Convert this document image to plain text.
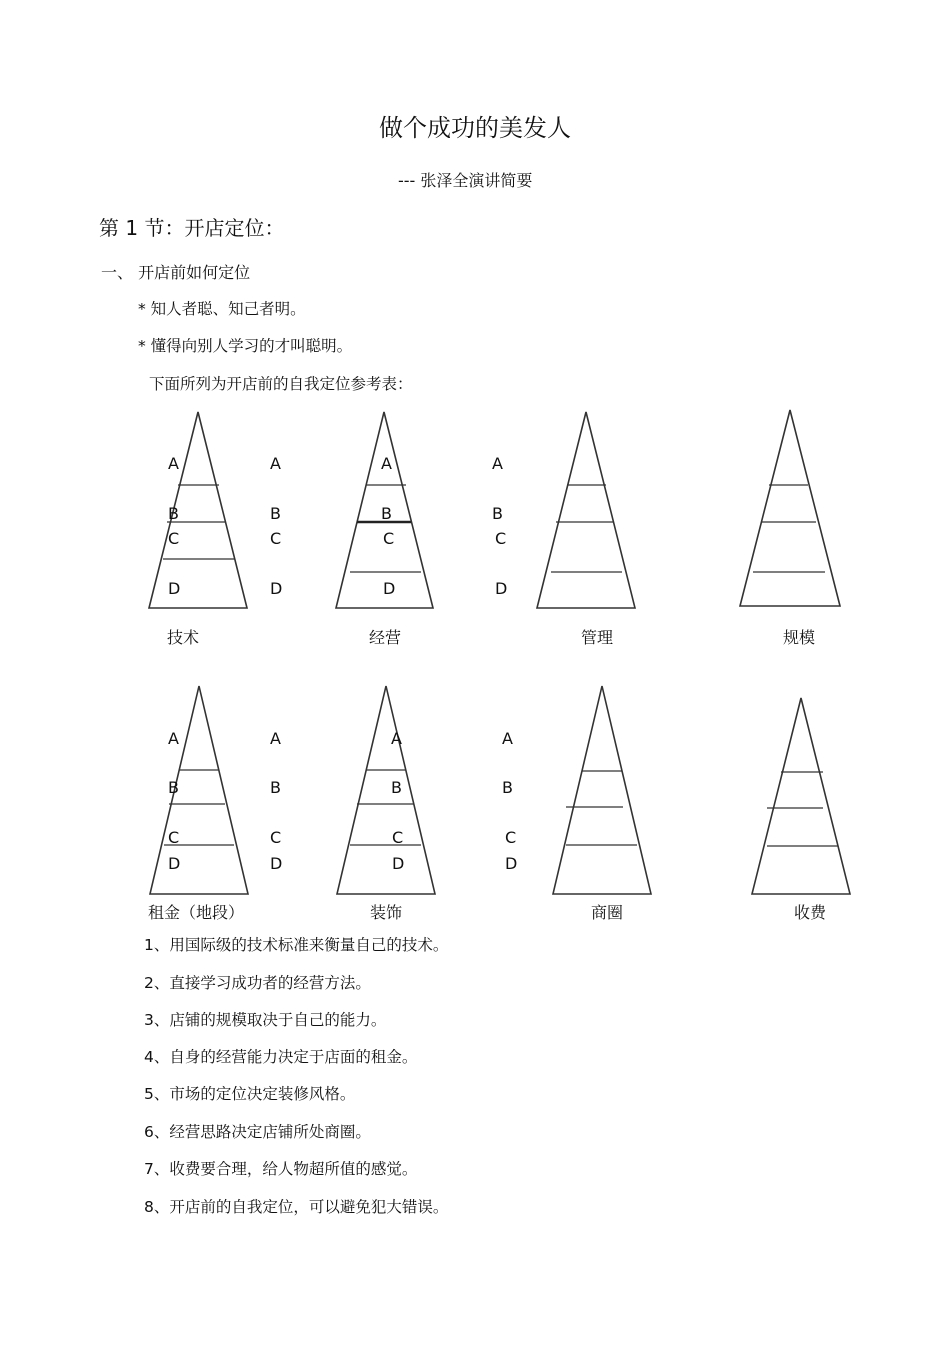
做个成功的美发人
--- 张泽全演讲简要
第 1 节：开店定位：
一、 开店前如何定位
* 知人者聪、知己者明。
* 懂得向别人学习的才叫聪明。
下面所列为开店前的自我定位参考表：
A
B
C
D
A
B
C
D
技术
A
B
C
D
A
B
C
D
经营	管理	规模
A
B
C
D
A
B
C
D
租金（地段）
A
B
C
D
A
B
C
D
装饰	商圈	收费
1、用国际级的技术标准来衡量自己的技术。
2、直接学习成功者的经营方法。
3、店铺的规模取决于自己的能力。
4、自身的经营能力决定于店面的租金。
5、市场的定位决定装修风格。
6、经营思路决定店铺所处商圈。
7、收费要合理，给人物超所值的感觉。
8、开店前的自我定位，可以避免犯大错误。
